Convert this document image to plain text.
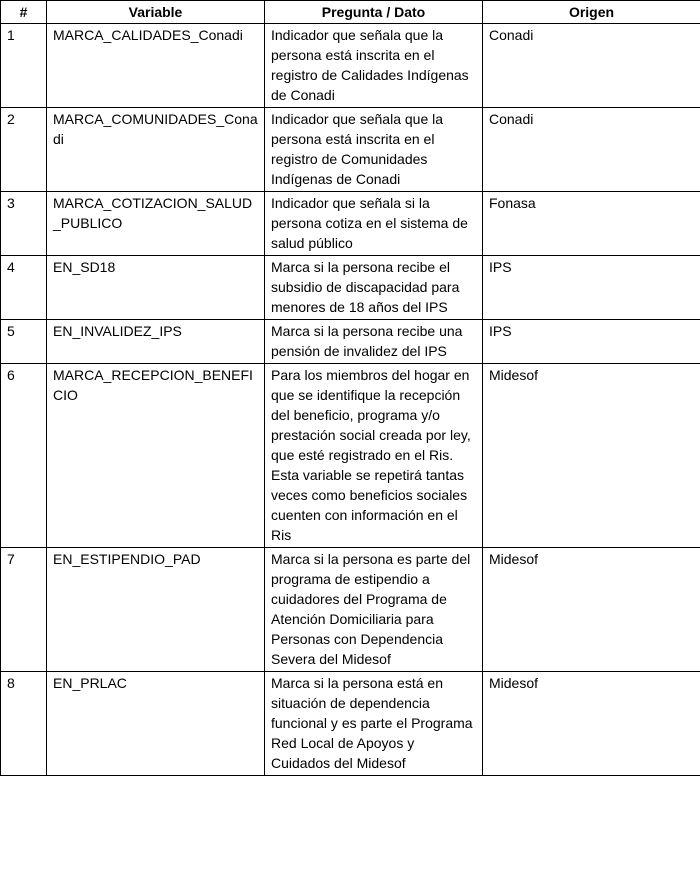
#	Variable	Pregunta / Dato	Origen
1	MARCA_CALIDADES_Conadi	Indicador que señala que la persona está inscrita en el registro de Calidades Indígenas de Conadi	Conadi
2	MARCA_COMUNIDADES_Conadi	Indicador que señala que la persona está inscrita en el registro de Comunidades Indígenas de Conadi	Conadi
3	MARCA_COTIZACION_SALUD_PUBLICO	Indicador que señala si la persona cotiza en el sistema de salud público	Fonasa
4	EN_SD18	Marca si la persona recibe el subsidio de discapacidad para menores de 18 años del IPS	IPS
5	EN_INVALIDEZ_IPS	Marca si la persona recibe una pensión de invalidez del IPS	IPS
6	MARCA_RECEPCION_BENEFICIO	Para los miembros del hogar en que se identifique la recepción del beneficio, programa y/o prestación social creada por ley, que esté registrado en el Ris. Esta variable se repetirá tantas veces como beneficios sociales cuenten con información en el Ris	Midesof
7	EN_ESTIPENDIO_PAD	Marca si la persona es parte del programa de estipendio a cuidadores del Programa de Atención Domiciliaria para Personas con Dependencia Severa del Midesof	Midesof
8	EN_PRLAC	Marca si la persona está en situación de dependencia funcional y es parte el Programa Red Local de Apoyos y Cuidados del Midesof	Midesof
